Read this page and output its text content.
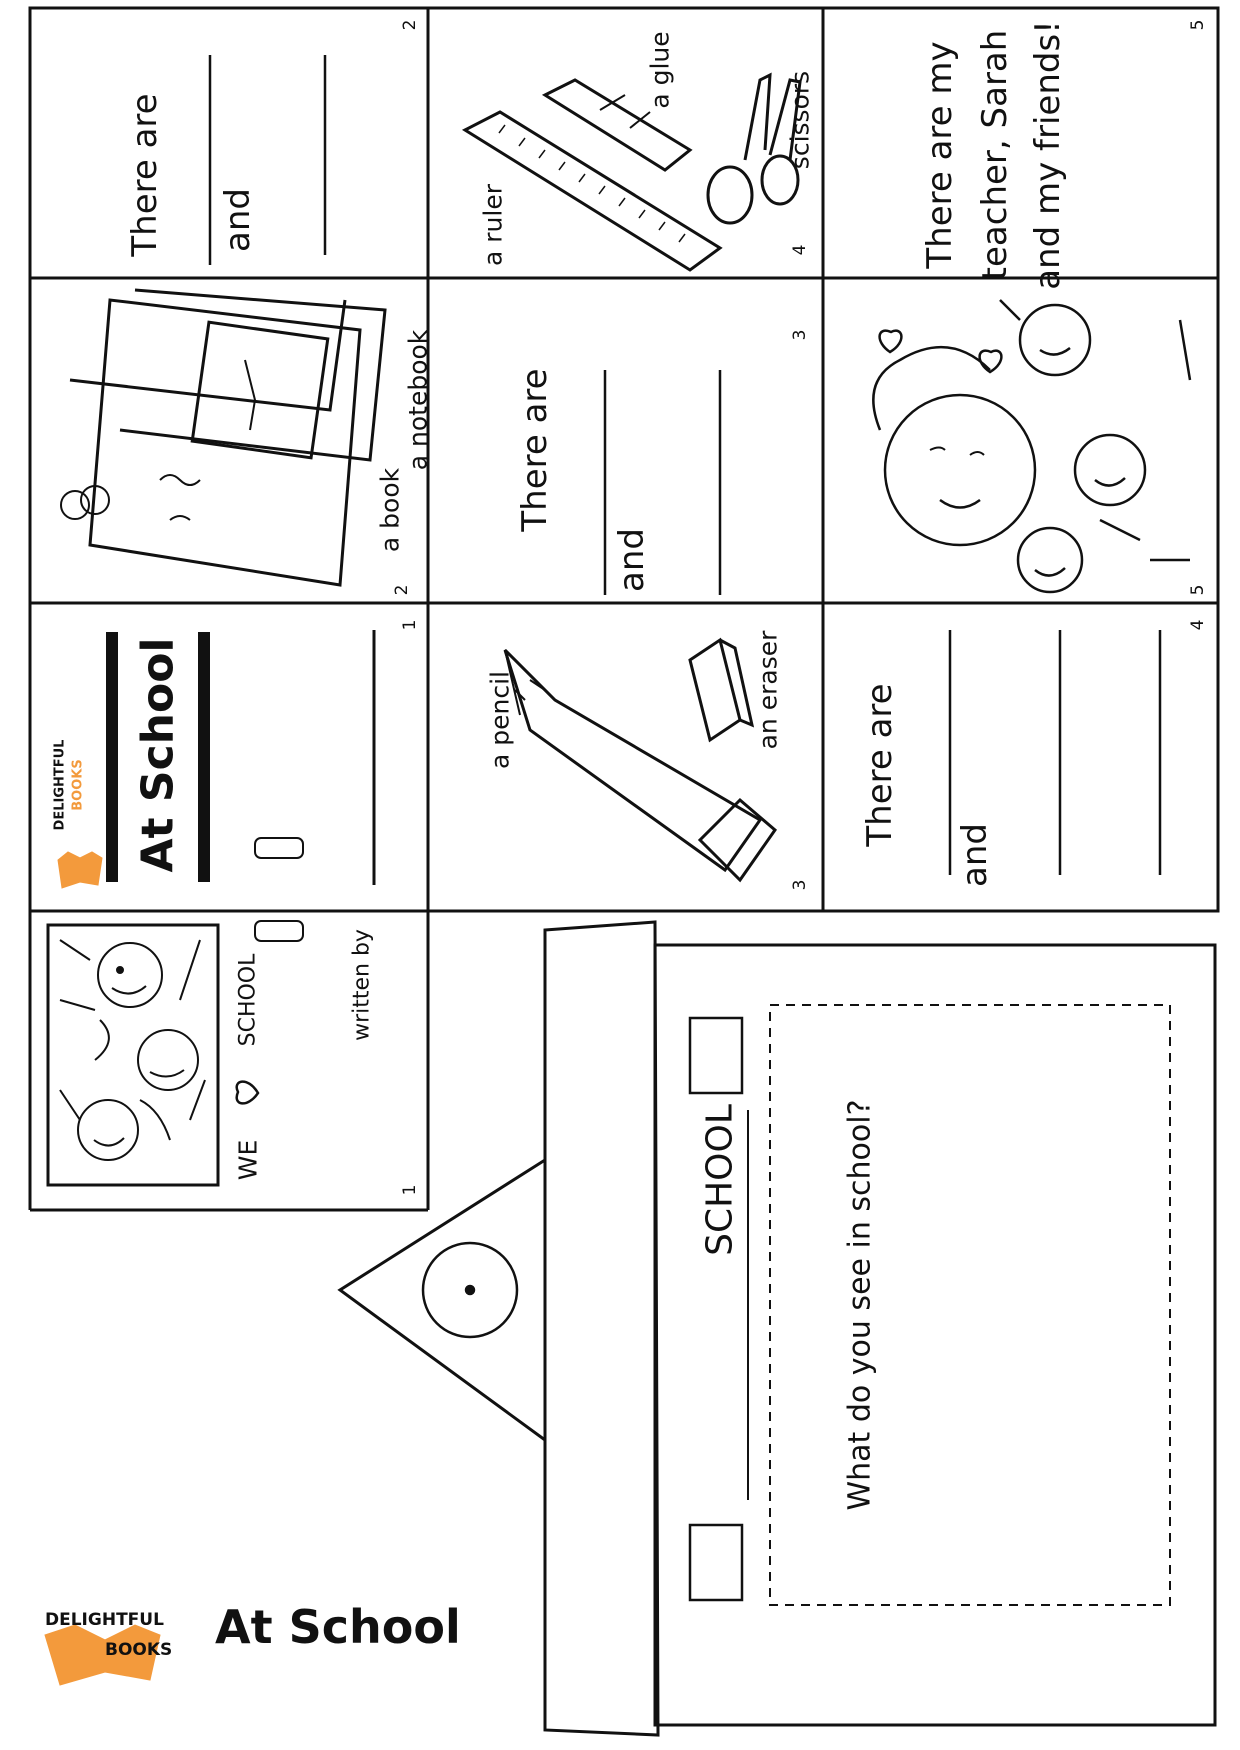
WE
SCHOOL	written by
1
DELIGHTFUL BOOKS At School
1
a book
a notebook
2
There are and
2
a pencil	an eraser
3
There are
and
3
a ruler
a glue
scissors
4
There are
and
4
5
There are my teacher, Sarah and my friends!	5
SCHOOL	What do you see in school?
DELIGHTFUL
BOOKS At School
